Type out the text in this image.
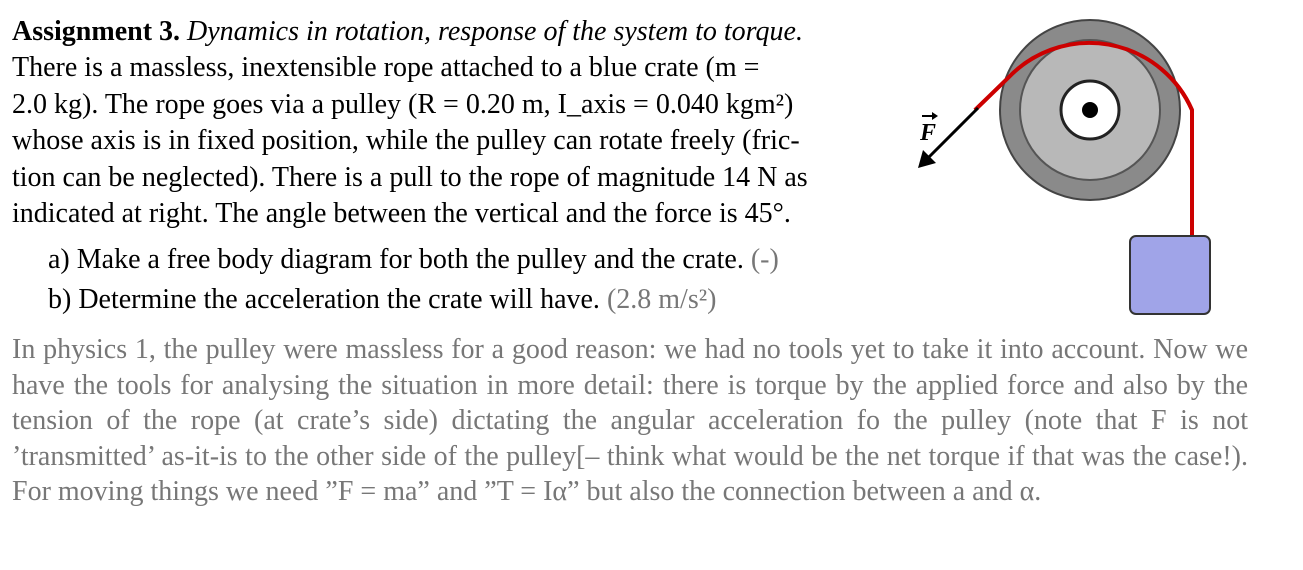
Assignment 3. Dynamics in rotation, response of the system to torque.
There is a massless, inextensible rope attached to a blue crate (m =
2.0 kg). The rope goes via a pulley (R = 0.20 m, I_axis = 0.040 kgm²)
whose axis is in fixed position, while the pulley can rotate freely (fric-
tion can be neglected). There is a pull to the rope of magnitude 14 N as
indicated at right. The angle between the vertical and the force is 45°.
a) Make a free body diagram for both the pulley and the crate. (-)
b) Determine the acceleration the crate will have. (2.8 m/s²)
In physics 1, the pulley were massless for a good reason: we had no tools yet to take it into account. Now we have the tools for analysing the situation in more detail: there is torque by the applied force and also by the tension of the rope (at crate’s side) dictating the angular acceleration fo the pulley (note that F is not ’transmitted’ as-it-is to the other side of the pulley[– think what would be the net torque if that was the case!). For moving things we need ”F = ma” and ”T = Iα” but also the connection between a and α.
F
